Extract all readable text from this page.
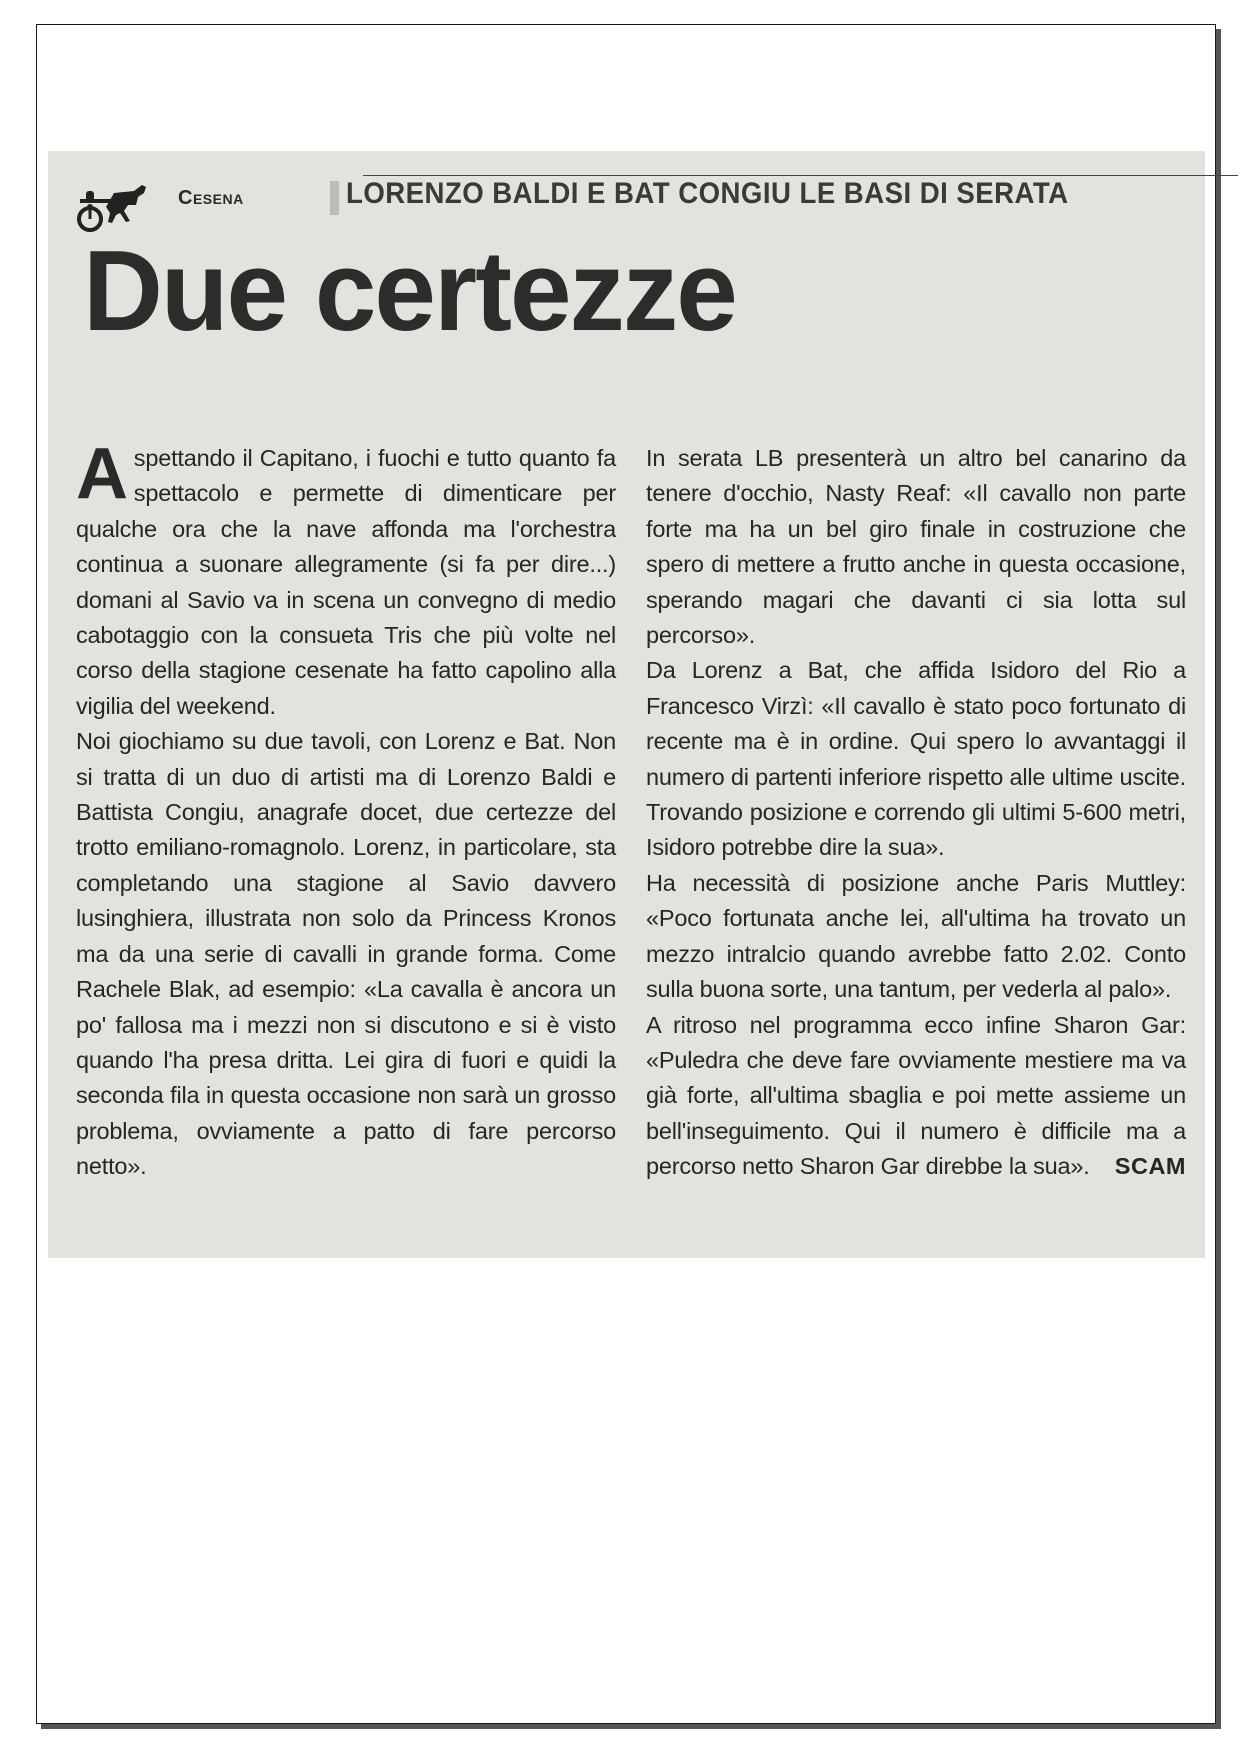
Cesena	LORENZO BALDI E BAT CONGIU LE BASI DI SERATA
Due certezze

Aspettando il Capitano, i fuochi e tutto quanto fa spettacolo e permette di dimenticare per qualche ora che la nave affonda ma l'orchestra continua a suonare allegramente (si fa per dire...) domani al Savio va in scena un convegno di medio cabotaggio con la consueta Tris che più volte nel corso della stagione cesenate ha fatto capolino alla vigilia del weekend.

Noi giochiamo su due tavoli, con Lorenz e Bat. Non si tratta di un duo di artisti ma di Lorenzo Baldi e Battista Congiu, anagrafe docet, due certezze del trotto emiliano-romagnolo. Lorenz, in particolare, sta completando una stagione al Savio davvero lusinghiera, illustrata non solo da Princess Kronos ma da una serie di cavalli in grande forma. Come Rachele Blak, ad esempio: «La cavalla è ancora un po' fallosa ma i mezzi non si discutono e si è visto quando l'ha presa dritta. Lei gira di fuori e quidi la seconda fila in questa occasione non sarà un grosso problema, ovviamente a patto di fare percorso netto».

In serata LB presenterà un altro bel canarino da tenere d'occhio, Nasty Reaf: «Il cavallo non parte forte ma ha un bel giro finale in costruzione che spero di mettere a frutto anche in questa occasione, sperando magari che davanti ci sia lotta sul percorso».

Da Lorenz a Bat, che affida Isidoro del Rio a Francesco Virzì: «Il cavallo è stato poco fortunato di recente ma è in ordine. Qui spero lo avvantaggi il numero di partenti inferiore rispetto alle ultime uscite. Trovando posizione e correndo gli ultimi 5-600 metri, Isidoro potrebbe dire la sua».

Ha necessità di posizione anche Paris Muttley: «Poco fortunata anche lei, all'ultima ha trovato un mezzo intralcio quando avrebbe fatto 2.02. Conto sulla buona sorte, una tantum, per vederla al palo».

A ritroso nel programma ecco infine Sharon Gar: «Puledra che deve fare ovviamente mestiere ma va già forte, all'ultima sbaglia e poi mette assieme un bell'inseguimento. Qui il numero è difficile ma a percorso netto Sharon Gar direbbe la sua». SCAM
